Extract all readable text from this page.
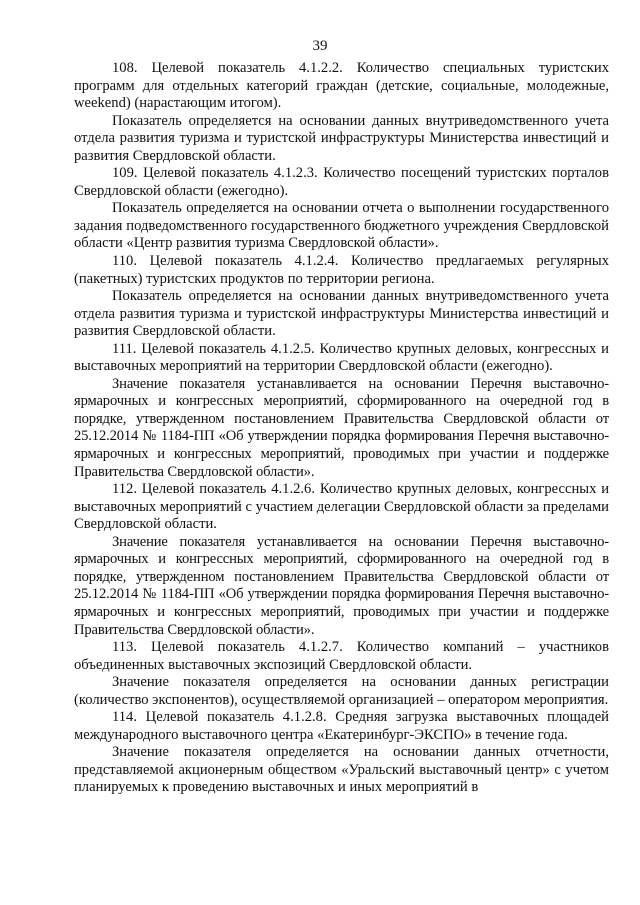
39

108. Целевой показатель 4.1.2.2. Количество специальных туристских программ для отдельных категорий граждан (детские, социальные, молодежные, weekend) (нарастающим итогом).

Показатель определяется на основании данных внутриведомственного учета отдела развития туризма и туристской инфраструктуры Министерства инвестиций и развития Свердловской области.

109. Целевой показатель 4.1.2.3. Количество посещений туристских порталов Свердловской области (ежегодно).

Показатель определяется на основании отчета о выполнении государственного задания подведомственного государственного бюджетного учреждения Свердловской области «Центр развития туризма Свердловской области».

110. Целевой показатель 4.1.2.4. Количество предлагаемых регулярных (пакетных) туристских продуктов по территории региона.

Показатель определяется на основании данных внутриведомственного учета отдела развития туризма и туристской инфраструктуры Министерства инвестиций и развития Свердловской области.

111. Целевой показатель 4.1.2.5. Количество крупных деловых, конгрессных и выставочных мероприятий на территории Свердловской области (ежегодно).

Значение показателя устанавливается на основании Перечня выставочно-ярмарочных и конгрессных мероприятий, сформированного на очередной год в порядке, утвержденном постановлением Правительства Свердловской области от 25.12.2014 № 1184-ПП «Об утверждении порядка формирования Перечня выставочно-ярмарочных и конгрессных мероприятий, проводимых при участии и поддержке Правительства Свердловской области».

112. Целевой показатель 4.1.2.6. Количество крупных деловых, конгрессных и выставочных мероприятий с участием делегации Свердловской области за пределами Свердловской области.

Значение показателя устанавливается на основании Перечня выставочно-ярмарочных и конгрессных мероприятий, сформированного на очередной год в порядке, утвержденном постановлением Правительства Свердловской области от 25.12.2014 № 1184-ПП «Об утверждении порядка формирования Перечня выставочно-ярмарочных и конгрессных мероприятий, проводимых при участии и поддержке Правительства Свердловской области».

113. Целевой показатель 4.1.2.7. Количество компаний – участников объединенных выставочных экспозиций Свердловской области.

Значение показателя определяется на основании данных регистрации (количество экспонентов), осуществляемой организацией – оператором мероприятия.

114. Целевой показатель 4.1.2.8. Средняя загрузка выставочных площадей международного выставочного центра «Екатеринбург-ЭКСПО» в течение года.

Значение показателя определяется на основании данных отчетности, представляемой акционерным обществом «Уральский выставочный центр» с учетом планируемых к проведению выставочных и иных мероприятий в
